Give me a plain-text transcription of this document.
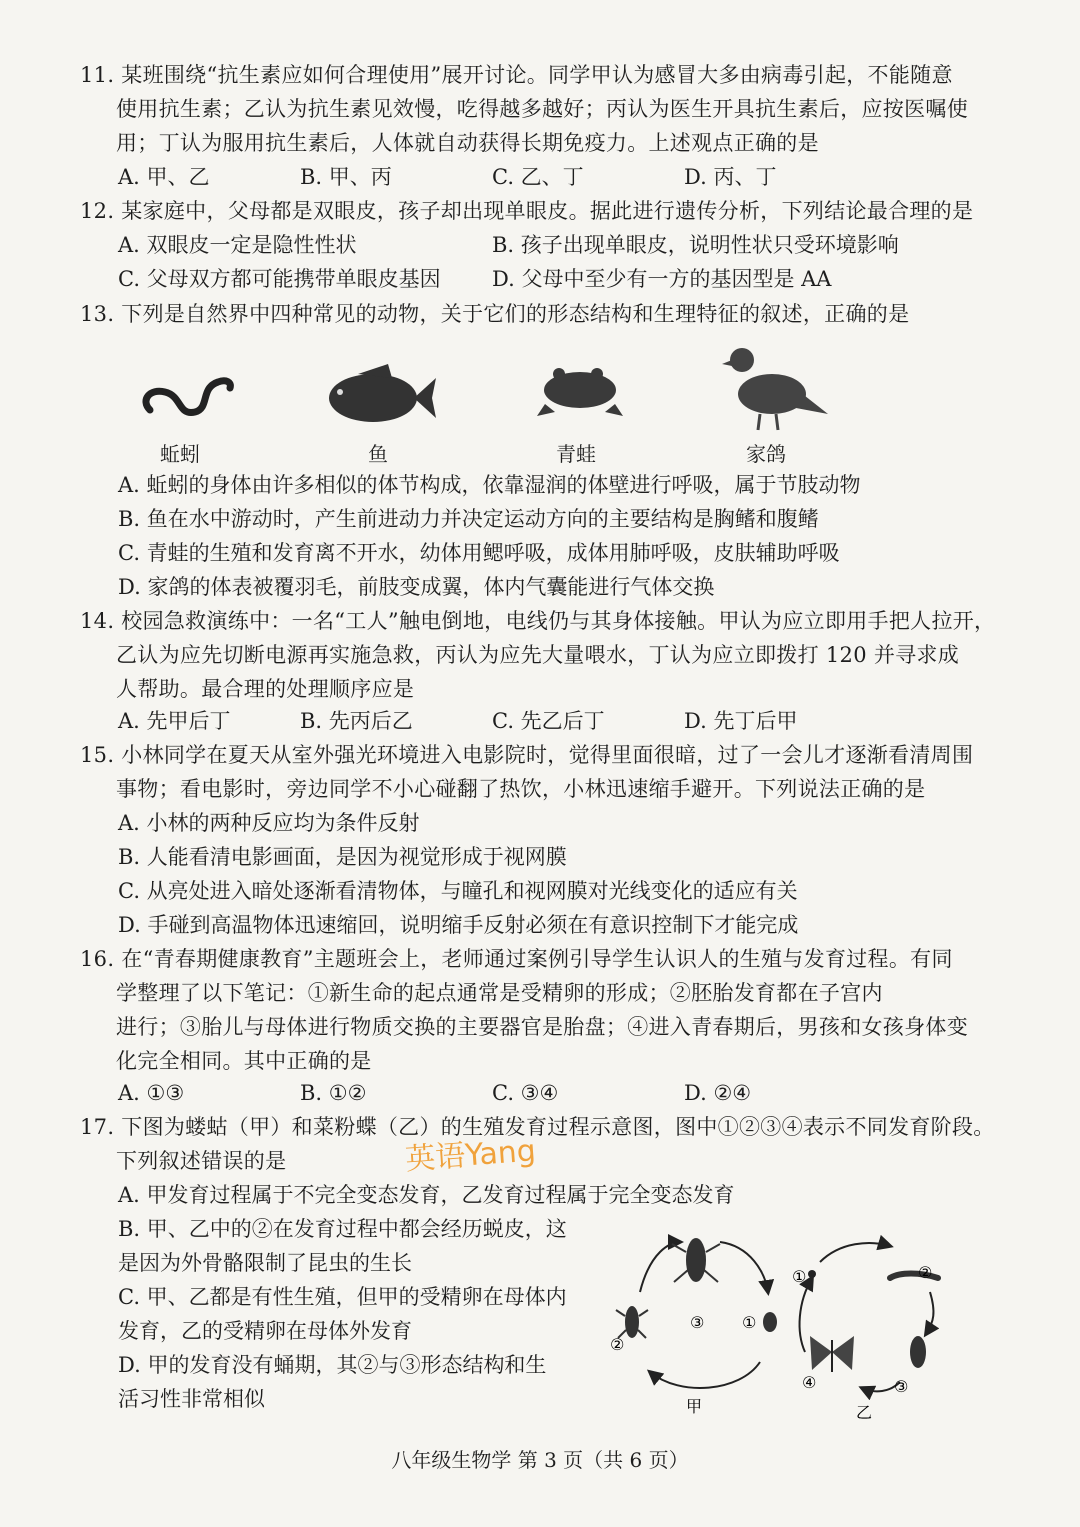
11. 某班围绕“抗生素应如何合理使用”展开讨论。同学甲认为感冒大多由病毒引起，不能随意
使用抗生素；乙认为抗生素见效慢，吃得越多越好；丙认为医生开具抗生素后，应按医嘱使
用；丁认为服用抗生素后，人体就自动获得长期免疫力。上述观点正确的是
A. 甲、乙	B. 甲、丙	C. 乙、丁	D. 丙、丁
12. 某家庭中，父母都是双眼皮，孩子却出现单眼皮。据此进行遗传分析，下列结论最合理的是
A. 双眼皮一定是隐性性状	B. 孩子出现单眼皮，说明性状只受环境影响
C. 父母双方都可能携带单眼皮基因 D. 父母中至少有一方的基因型是 AA
13. 下列是自然界中四种常见的动物，关于它们的形态结构和生理特征的叙述，正确的是
蚯蚓	鱼	青蛙	家鸽
A. 蚯蚓的身体由许多相似的体节构成，依靠湿润的体壁进行呼吸，属于节肢动物
B. 鱼在水中游动时，产生前进动力并决定运动方向的主要结构是胸鳍和腹鳍
C. 青蛙的生殖和发育离不开水，幼体用鳃呼吸，成体用肺呼吸，皮肤辅助呼吸
D. 家鸽的体表被覆羽毛，前肢变成翼，体内气囊能进行气体交换
14. 校园急救演练中：一名“工人”触电倒地，电线仍与其身体接触。甲认为应立即用手把人拉开，
乙认为应先切断电源再实施急救，丙认为应先大量喂水，丁认为应立即拨打 120 并寻求成
人帮助。最合理的处理顺序应是
A. 先甲后丁	B. 先丙后乙	C. 先乙后丁	D. 先丁后甲
15. 小林同学在夏天从室外强光环境进入电影院时，觉得里面很暗，过了一会儿才逐渐看清周围
事物；看电影时，旁边同学不小心碰翻了热饮，小林迅速缩手避开。下列说法正确的是
A. 小林的两种反应均为条件反射
B. 人能看清电影画面，是因为视觉形成于视网膜
C. 从亮处进入暗处逐渐看清物体，与瞳孔和视网膜对光线变化的适应有关
D. 手碰到高温物体迅速缩回，说明缩手反射必须在有意识控制下才能完成
16. 在“青春期健康教育”主题班会上，老师通过案例引导学生认识人的生殖与发育过程。有同
学整理了以下笔记：①新生命的起点通常是受精卵的形成；②胚胎发育都在子宫内
进行；③胎儿与母体进行物质交换的主要器官是胎盘；④进入青春期后，男孩和女孩身体变
化完全相同。其中正确的是
A. ①③	B. ①②	C. ③④	D. ②④
17. 下图为蝼蛄（甲）和菜粉蝶（乙）的生殖发育过程示意图，图中①②③④表示不同发育阶段。
下列叙述错误的是	英语Yang
A. 甲发育过程属于不完全变态发育，乙发育过程属于完全变态发育
B. 甲、乙中的②在发育过程中都会经历蜕皮，这
是因为外骨骼限制了昆虫的生长
C. 甲、乙都是有性生殖，但甲的受精卵在母体内
发育，乙的受精卵在母体外发育
D. 甲的发育没有蛹期，其②与③形态结构和生
活习性非常相似
②
③ ①
甲
①	②
③
④
乙
八年级生物学 第 3 页（共 6 页）
